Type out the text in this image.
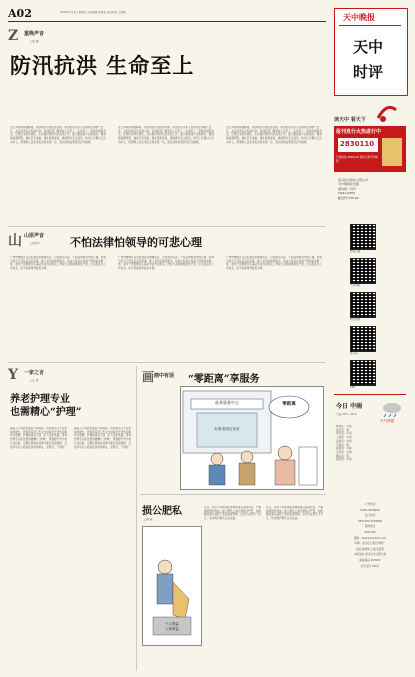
A02	2019年7月7日 星期日 责任编辑 赵青莲 责任校对 王慧如	天中晚报
天中
时评
Z 重晚声音
□张 刚
防汛抗洪 生命至上
近日多地持续强降雨，局部地区出现洪涝灾害。防汛抗洪关系人民群众生命财产安全，关系经济社会发展大局。各地各部门要坚持人民至上、生命至上，统筹发展和安全，压紧压实防汛责任，扎实做好防汛抗洪各项工作，最大限度减少灾害损失。要加强监测预警，做好应急准备，强化隐患排查，确保群众安全度汛。防汛工作要以人民为中心，把保障人民生命安全放在第一位，落实落细各项防范应对措施。
近日多地持续强降雨，局部地区出现洪涝灾害。防汛抗洪关系人民群众生命财产安全，关系经济社会发展大局。各地各部门要坚持人民至上、生命至上，统筹发展和安全，压紧压实防汛责任，扎实做好防汛抗洪各项工作，最大限度减少灾害损失。要加强监测预警，做好应急准备，强化隐患排查，确保群众安全度汛。防汛工作要以人民为中心，把保障人民生命安全放在第一位，落实落细各项防范应对措施。
近日多地持续强降雨，局部地区出现洪涝灾害。防汛抗洪关系人民群众生命财产安全，关系经济社会发展大局。各地各部门要坚持人民至上、生命至上，统筹发展和安全，压紧压实防汛责任，扎实做好防汛抗洪各项工作，最大限度减少灾害损失。要加强监测预警，做好应急准备，强化隐患排查，确保群众安全度汛。防汛工作要以人民为中心，把保障人民生命安全放在第一位，落实落细各项防范应对措施。
山 山原声音
□刘学平	不怕法律怕领导的可悲心理
广州市增城区官员处置乱象被曝光后，引发舆论关注。不怕法律怕领导的心理，折射出部分干部法治意识淡薄、唯上是从的错误观念。依法行政是对各级干部的基本要求，领导干部更要带头尊法学法守法用法，把权力关进制度的笼子里，让法治成为工作常态，而不是看领导脸色办事。
广州市增城区官员处置乱象被曝光后，引发舆论关注。不怕法律怕领导的心理，折射出部分干部法治意识淡薄、唯上是从的错误观念。依法行政是对各级干部的基本要求，领导干部更要带头尊法学法守法用法，把权力关进制度的笼子里，让法治成为工作常态，而不是看领导脸色办事。
广州市增城区官员处置乱象被曝光后，引发舆论关注。不怕法律怕领导的心理，折射出部分干部法治意识淡薄、唯上是从的错误观念。依法行政是对各级干部的基本要求，领导干部更要带头尊法学法守法用法，把权力关进制度的笼子里，让法治成为工作常态，而不是看领导脸色办事。
Y 一家之言
□王 勇
养老护理专业
也需精心“护理”
随着人口老龄化程度不断加深，养老服务人才需求持续增长。教育部等部门发文支持院校开设老年服务与管理、护理等相关专业，扩大招生规模。养老护理专业的发展需要精心“护理”，既要提升学生的专业技能，也要完善就业保障与职业发展通道，让更多年轻人愿意投身养老事业，留得住、干得好。
随着人口老龄化程度不断加深，养老服务人才需求持续增长。教育部等部门发文支持院校开设老年服务与管理、护理等相关专业，扩大招生规模。养老护理专业的发展需要精心“护理”，既要提升学生的专业技能，也要完善就业保障与职业发展通道，让更多年轻人愿意投身养老事业，留得住、干得好。
画 画中有话 “零距离”享服务
政务服务中心	零距离
有事请到这里来
损公肥私
□徐 骏
个人利益
公家利益
近日，有村干部利用职务便利侵占集体资金，严重损害群众利益。损公肥私之举必须依法严惩，同时要加强对基层干部的监督管理，让权力在阳光下运行，切实维护群众合法权益。
近日，有村干部利用职务便利侵占集体资金，严重损害群众利益。损公肥私之举必须依法严惩，同时要加强对基层干部的监督管理，让权力在阳光下运行，切实维护群众合法权益。
读天中 看天下
报刊发行火热进行中
2830110
订阅热线 2830110 欢迎订阅天中晚报
驻马店日报社主管主办
天中晚报社出版
国内统一刊号
CN41-0083
邮发代号35-62
微信扫描
天中晚报
新浪微博
驻马店
APP
天气预报
今日 中雨
气温 22℃~26℃
驿城区：中雨
遂平县：阴
西平县：小雨
上蔡县：中雨
汝南县：中雨
平舆县：阴
新蔡县：中雨
正阳县：中雨
确山县：阴
泌阳县：中雨
广告热线
0396-3838968
发行热线
2837289 2838828
新闻热线
2837289
邮箱：tzwbsxb@163.com
印刷：驻马店日报社印刷厂
总编 杨晓黎 主编 张建民
本报地址 驻马店市文明大道
邮政编码 463000
全年定价 180元
